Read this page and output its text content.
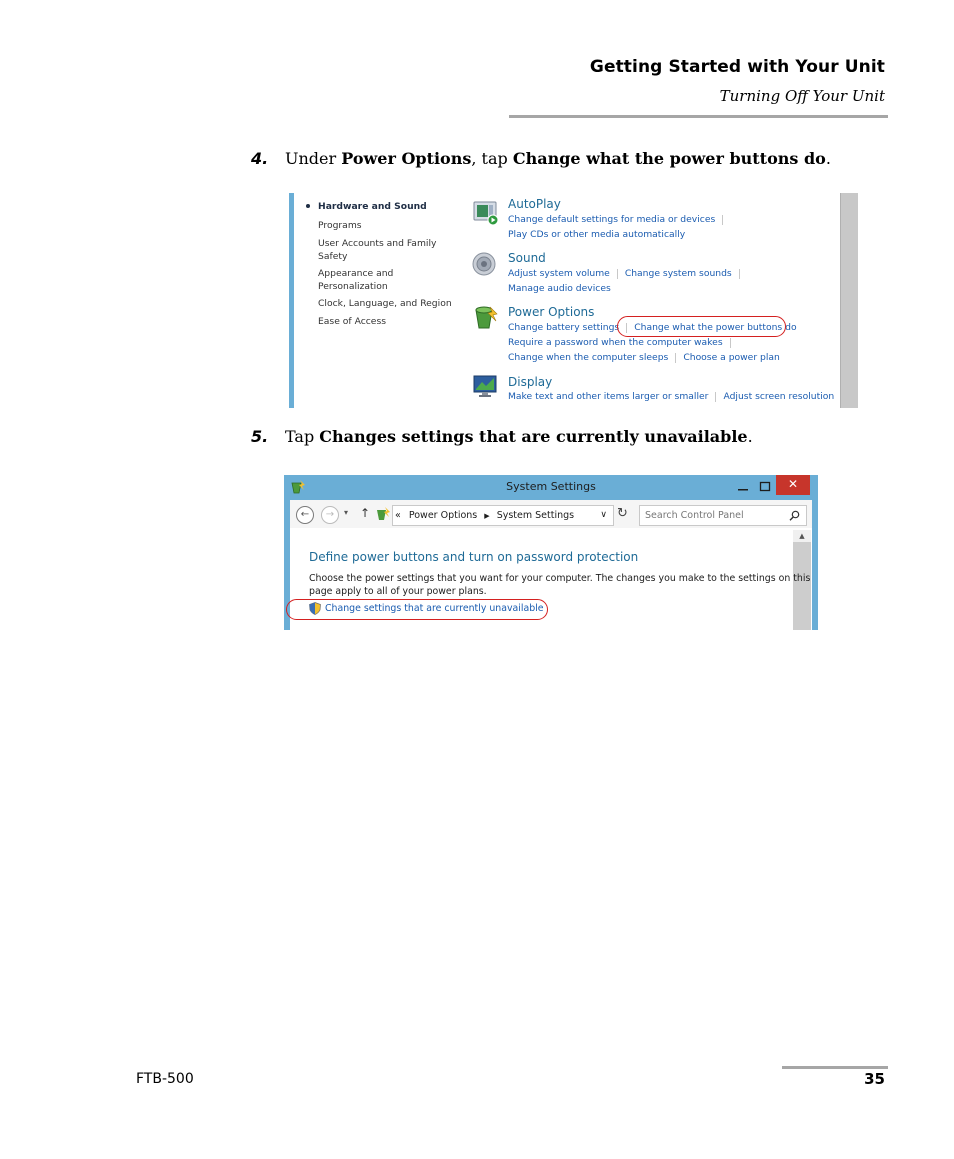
Getting Started with Your Unit
Turning Off Your Unit
4. Under Power Options, tap Change what the power buttons do.
Hardware and Sound
Programs
User Accounts and Family
Safety
Appearance and
Personalization
Clock, Language, and Region
Ease of Access
AutoPlay
Change default settings for media or devices
Play CDs or other media automatically
Sound
Adjust system volume Change system sounds
Manage audio devices
Power Options
Change battery settings Change what the power buttons do
Require a password when the computer wakes
Change when the computer sleeps Choose a power plan
Display
Make text and other items larger or smaller Adjust screen resolution
5. Tap Changes settings that are currently unavailable.
System Settings	✕
←	→	▾ ↑	« Power Options ▶ System Settings	∨ ↻	Search Control Panel
▲
Define power buttons and turn on password protection
Choose the power settings that you want for your computer. The changes you make to the settings on this
page apply to all of your power plans.
Change settings that are currently unavailable
FTB-500	35
